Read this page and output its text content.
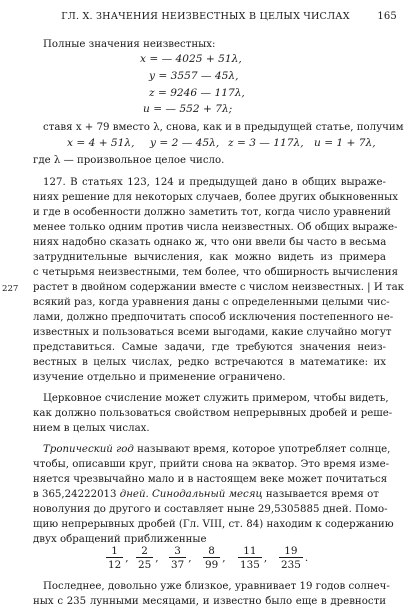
ГЛ. X. ЗНАЧЕНИЯ НЕИЗВЕСТНЫХ В ЦЕЛЫХ ЧИСЛАХ	165
Полные значения неизвестных:
x = — 4025 + 51λ,
y = 3557 — 45λ,
z = 9246 — 117λ,
u = — 552 + 7λ;
ставя x + 79 вместо λ, снова, как и в предыдущей статье, получим
x = 4 + 51λ, y = 2 — 45λ, z = 3 — 117λ, u = 1 + 7λ,
где λ — произвольное целое число.
127. В статьях 123, 124 и предыдущей дано в общих выраже-
ниях решение для некоторых случаев, более других обыкновенных
и где в особенности должно заметить тот, когда число уравнений
менее только одним против числа неизвестных. Об общих выраже-
ниях надобно сказать однако ж, что они ввели бы часто в весьма
затруднительные вычисления, как можно видеть из примера
с четырьмя неизвестными, тем более, что обширность вычисления
227 растет в двойном содержании вместе с числом неизвестных. | И так
всякий раз, когда уравнения даны с определенными целыми чис-
лами, должно предпочитать способ исключения постепенного не-
известных и пользоваться всеми выгодами, какие случайно могут
представиться. Самые задачи, где требуются значения неиз-
вестных в целых числах, редко встречаются в математике: их
изучение отдельно и применение ограничено.
Церковное счисление может служить примером, чтобы видеть,
как должно пользоваться свойством непрерывных дробей и реше-
нием в целых числах.
Тропический год называют время, которое употребляет солнце,
чтобы, описавши круг, прийти снова на экватор. Это время изме-
няется чрезвычайно мало и в настоящем веке может почитаться
в 365,24222013 дней. Синодальный месяц называется время от
новолуния до другого и составляет ныне 29,5305885 дней. Помо-
щию непрерывных дробей (Гл. VIII, ст. 84) находим к содержанию
двух обращений приближенные
$\frac{1}{12}$ , $\frac{2}{25}$ , $\frac{3}{37}$ , $\frac{8}{99}$ , $\frac{11}{135}$ , $\frac{19}{235}$ .
Последнее, довольно уже близкое, уравнивает 19 годов солнеч-
ных с 235 лунными месяцами, и известно было еще в древности
